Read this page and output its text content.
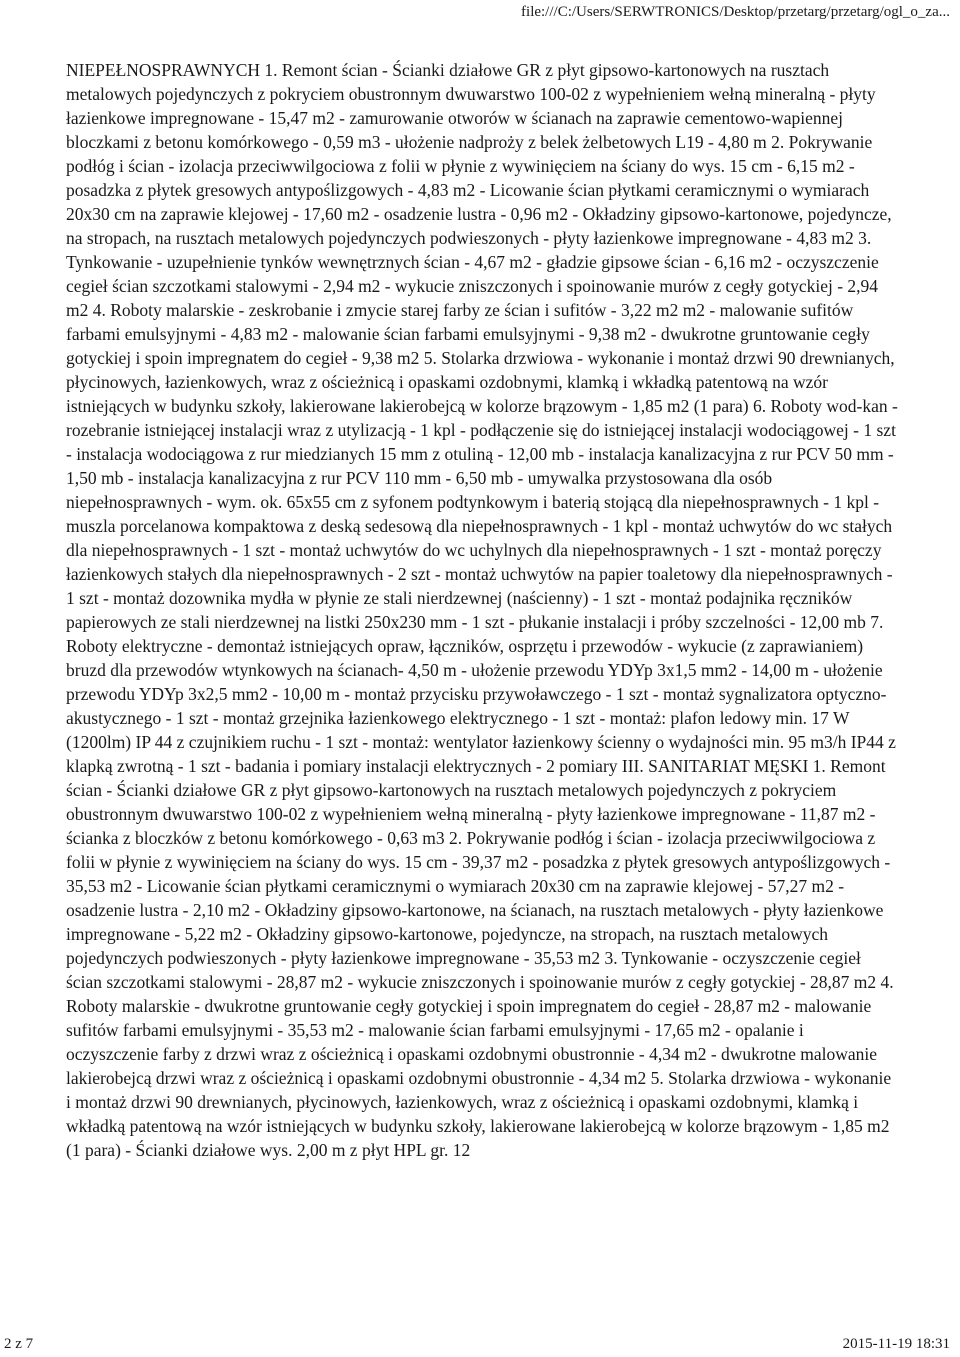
file:///C:/Users/SERWTRONICS/Desktop/przetarg/przetarg/ogl_o_za...

NIEPEŁNOSPRAWNYCH 1. Remont ścian - Ścianki działowe GR z płyt gipsowo-kartonowych na rusztach metalowych pojedynczych z pokryciem obustronnym dwuwarstwo 100-02 z wypełnieniem wełną mineralną - płyty łazienkowe impregnowane - 15,47 m2 - zamurowanie otworów w ścianach na zaprawie cementowo-wapiennej bloczkami z betonu komórkowego - 0,59 m3 - ułożenie nadproży z belek żelbetowych L19 - 4,80 m 2. Pokrywanie podłóg i ścian - izolacja przeciwwilgociowa z folii w płynie z wywinięciem na ściany do wys. 15 cm - 6,15 m2 - posadzka z płytek gresowych antypoślizgowych - 4,83 m2 - Licowanie ścian płytkami ceramicznymi o wymiarach 20x30 cm na zaprawie klejowej - 17,60 m2 - osadzenie lustra - 0,96 m2 - Okładziny gipsowo-kartonowe, pojedyncze, na stropach, na rusztach metalowych pojedynczych podwieszonych - płyty łazienkowe impregnowane - 4,83 m2 3. Tynkowanie - uzupełnienie tynków wewnętrznych ścian - 4,67 m2 - gładzie gipsowe ścian - 6,16 m2 - oczyszczenie cegieł ścian szczotkami stalowymi - 2,94 m2 - wykucie zniszczonych i spoinowanie murów z cegły gotyckiej - 2,94 m2 4. Roboty malarskie - zeskrobanie i zmycie starej farby ze ścian i sufitów - 3,22 m2 m2 - malowanie sufitów farbami emulsyjnymi - 4,83 m2 - malowanie ścian farbami emulsyjnymi - 9,38 m2 - dwukrotne gruntowanie cegły gotyckiej i spoin impregnatem do cegieł - 9,38 m2 5. Stolarka drzwiowa - wykonanie i montaż drzwi 90 drewnianych, płycinowych, łazienkowych, wraz z ościeżnicą i opaskami ozdobnymi, klamką i wkładką patentową na wzór istniejących w budynku szkoły, lakierowane lakierobejcą w kolorze brązowym - 1,85 m2 (1 para) 6. Roboty wod-kan - rozebranie istniejącej instalacji wraz z utylizacją - 1 kpl - podłączenie się do istniejącej instalacji wodociągowej - 1 szt - instalacja wodociągowa z rur miedzianych 15 mm z otuliną - 12,00 mb - instalacja kanalizacyjna z rur PCV 50 mm - 1,50 mb - instalacja kanalizacyjna z rur PCV 110 mm - 6,50 mb - umywalka przystosowana dla osób niepełnosprawnych - wym. ok. 65x55 cm z syfonem podtynkowym i baterią stojącą dla niepełnosprawnych - 1 kpl - muszla porcelanowa kompaktowa z deską sedesową dla niepełnosprawnych - 1 kpl - montaż uchwytów do wc stałych dla niepełnosprawnych - 1 szt - montaż uchwytów do wc uchylnych dla niepełnosprawnych - 1 szt - montaż poręczy łazienkowych stałych dla niepełnosprawnych - 2 szt - montaż uchwytów na papier toaletowy dla niepełnosprawnych - 1 szt - montaż dozownika mydła w płynie ze stali nierdzewnej (naścienny) - 1 szt - montaż podajnika ręczników papierowych ze stali nierdzewnej na listki 250x230 mm - 1 szt - płukanie instalacji i próby szczelności - 12,00 mb 7. Roboty elektryczne - demontaż istniejących opraw, łączników, osprzętu i przewodów - wykucie (z zaprawianiem) bruzd dla przewodów wtynkowych na ścianach- 4,50 m - ułożenie przewodu YDYp 3x1,5 mm2 - 14,00 m - ułożenie przewodu YDYp 3x2,5 mm2 - 10,00 m - montaż przycisku przywoławczego - 1 szt - montaż sygnalizatora optyczno-akustycznego - 1 szt - montaż grzejnika łazienkowego elektrycznego - 1 szt - montaż: plafon ledowy min. 17 W (1200lm) IP 44 z czujnikiem ruchu - 1 szt - montaż: wentylator łazienkowy ścienny o wydajności min. 95 m3/h IP44 z klapką zwrotną - 1 szt - badania i pomiary instalacji elektrycznych - 2 pomiary III. SANITARIAT MĘSKI 1. Remont ścian - Ścianki działowe GR z płyt gipsowo-kartonowych na rusztach metalowych pojedynczych z pokryciem obustronnym dwuwarstwo 100-02 z wypełnieniem wełną mineralną - płyty łazienkowe impregnowane - 11,87 m2 - ścianka z bloczków z betonu komórkowego - 0,63 m3 2. Pokrywanie podłóg i ścian - izolacja przeciwwilgociowa z folii w płynie z wywinięciem na ściany do wys. 15 cm - 39,37 m2 - posadzka z płytek gresowych antypoślizgowych - 35,53 m2 - Licowanie ścian płytkami ceramicznymi o wymiarach 20x30 cm na zaprawie klejowej - 57,27 m2 - osadzenie lustra - 2,10 m2 - Okładziny gipsowo-kartonowe, na ścianach, na rusztach metalowych - płyty łazienkowe impregnowane - 5,22 m2 - Okładziny gipsowo-kartonowe, pojedyncze, na stropach, na rusztach metalowych pojedynczych podwieszonych - płyty łazienkowe impregnowane - 35,53 m2 3. Tynkowanie - oczyszczenie cegieł ścian szczotkami stalowymi - 28,87 m2 - wykucie zniszczonych i spoinowanie murów z cegły gotyckiej - 28,87 m2 4. Roboty malarskie - dwukrotne gruntowanie cegły gotyckiej i spoin impregnatem do cegieł - 28,87 m2 - malowanie sufitów farbami emulsyjnymi - 35,53 m2 - malowanie ścian farbami emulsyjnymi - 17,65 m2 - opalanie i oczyszczenie farby z drzwi wraz z ościeżnicą i opaskami ozdobnymi obustronnie - 4,34 m2 - dwukrotne malowanie lakierobejcą drzwi wraz z ościeżnicą i opaskami ozdobnymi obustronnie - 4,34 m2 5. Stolarka drzwiowa - wykonanie i montaż drzwi 90 drewnianych, płycinowych, łazienkowych, wraz z ościeżnicą i opaskami ozdobnymi, klamką i wkładką patentową na wzór istniejących w budynku szkoły, lakierowane lakierobejcą w kolorze brązowym - 1,85 m2 (1 para) - Ścianki działowe wys. 2,00 m z płyt HPL gr. 12

2 z 7	2015-11-19 18:31
